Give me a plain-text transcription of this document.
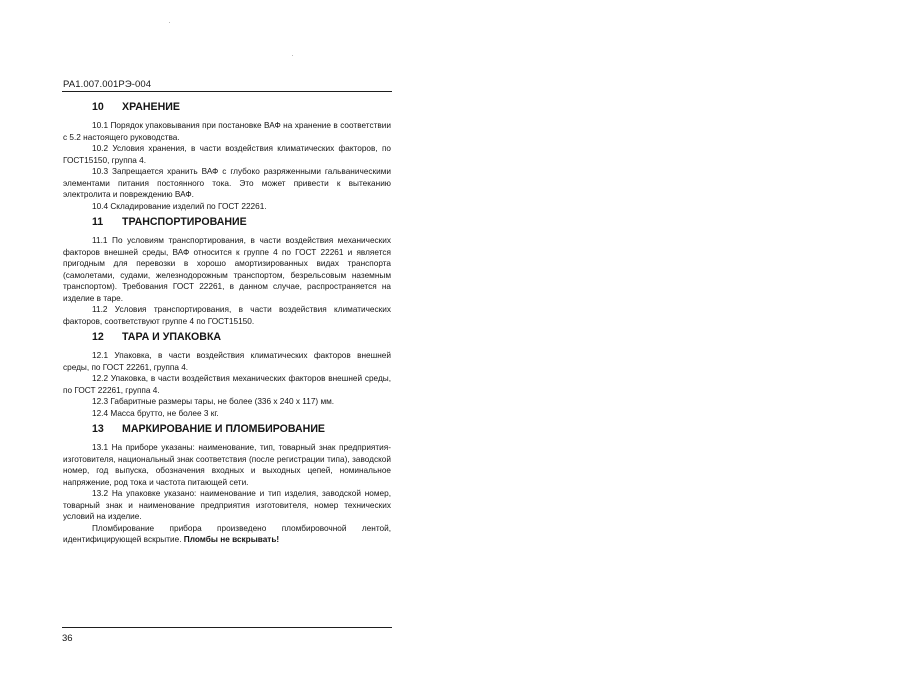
РА1.007.001РЭ-004
10	ХРАНЕНИЕ

10.1 Порядок упаковывания при постановке ВАФ на хранение в соответствии с 5.2 настоящего руководства.

10.2 Условия хранения, в части воздействия климатических факторов, по ГОСТ15150, группа 4.

10.3 Запрещается хранить ВАФ с глубоко разряженными гальваническими элементами питания постоянного тока. Это может привести к вытеканию электролита и повреждению ВАФ.

10.4 Складирование изделий по ГОСТ 22261.

11	ТРАНСПОРТИРОВАНИЕ

11.1 По условиям транспортирования, в части воздействия механических факторов внешней среды, ВАФ относится к группе 4 по ГОСТ 22261 и является пригодным для перевозки в хорошо амортизированных видах транспорта (самолетами, судами, железнодорожным транспортом, безрельсовым наземным транспортом). Требования ГОСТ 22261, в данном случае, распространяется на изделие в таре.

11.2 Условия транспортирования, в части воздействия климатических факторов, соответствуют группе 4 по ГОСТ15150.

12	ТАРА И УПАКОВКА

12.1 Упаковка, в части воздействия климатических факторов внешней среды, по ГОСТ 22261, группа 4.

12.2 Упаковка, в части воздействия механических факторов внешней среды, по ГОСТ 22261, группа 4.

12.3 Габаритные размеры тары, не более (336 х 240 х 117) мм.

12.4 Масса брутто, не более 3 кг.

13	МАРКИРОВАНИЕ И ПЛОМБИРОВАНИЕ

13.1 На приборе указаны: наименование, тип, товарный знак предприятия-изготовителя, национальный знак соответствия (после регистрации типа), заводской номер, год выпуска, обозначения входных и выходных цепей, номинальное напряжение, род тока и частота питающей сети.

13.2 На упаковке указано: наименование и тип изделия, заводской номер, товарный знак и наименование предприятия изготовителя, номер технических условий на изделие.

Пломбирование прибора произведено пломбировочной лентой, идентифицирующей вскрытие. Пломбы не вскрывать!

36
